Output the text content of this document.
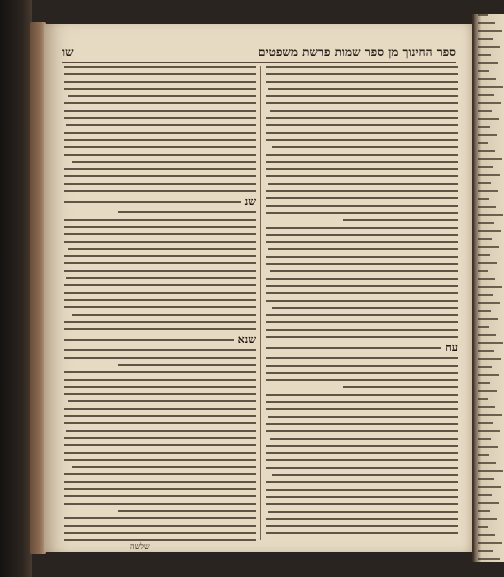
ספר החינוך מן ספר שמות פרשת משפטים
שו
עח
שנ
שנא
שלשה
